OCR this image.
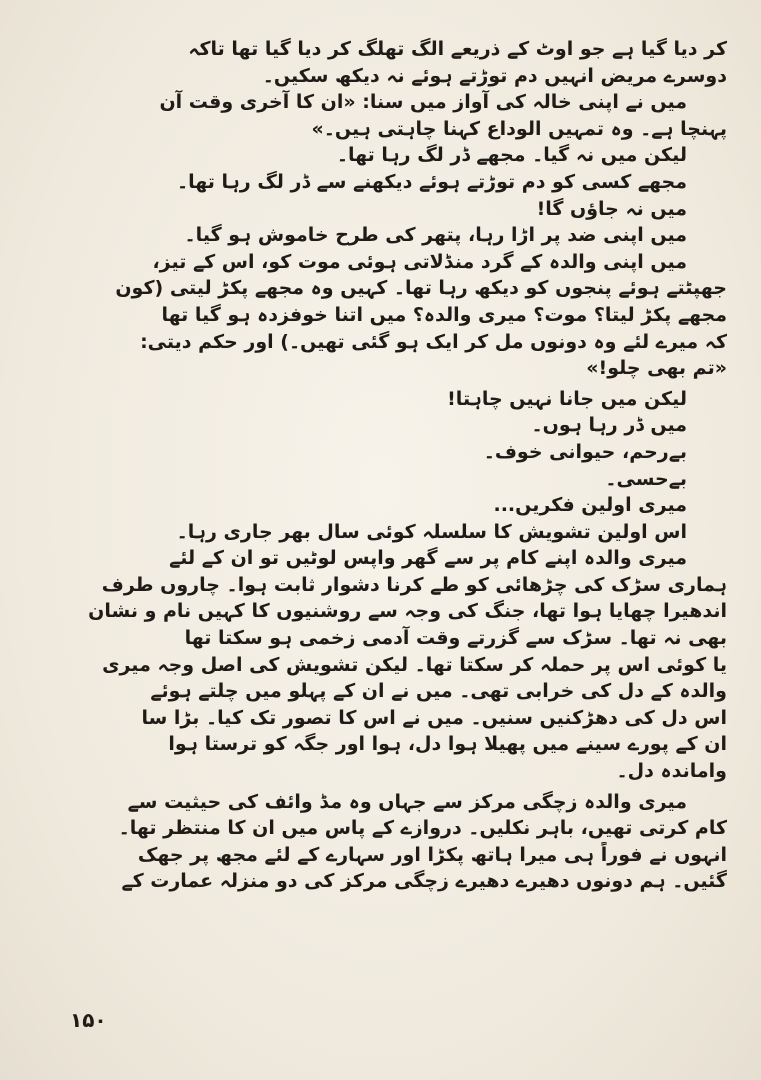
کر دیا گیا ہے جو اوٹ کے ذریعے الگ تھلگ کر دیا گیا تھا تاکہ
دوسرے مریض انہیں دم توڑتے ہوئے نہ دیکھ سکیں۔
میں نے اپنی خالہ کی آواز میں سنا: «ان کا آخری وقت آن
پہنچا ہے۔ وہ تمہیں الوداع کہنا چاہتی ہیں۔»
لیکن میں نہ گیا۔ مجھے ڈر لگ رہا تھا۔
مجھے کسی کو دم توڑتے ہوئے دیکھنے سے ڈر لگ رہا تھا۔
میں نہ جاؤں گا!
میں اپنی ضد پر اڑا رہا، پتھر کی طرح خاموش ہو گیا۔
میں اپنی والدہ کے گرد منڈلاتی ہوئی موت کو، اس کے تیز،
جھپٹتے ہوئے پنجوں کو دیکھ رہا تھا۔ کہیں وہ مجھے پکڑ لیتی (کون
مجھے پکڑ لیتا؟ موت؟ میری والدہ؟ میں اتنا خوفزدہ ہو گیا تھا
کہ میرے لئے وہ دونوں مل کر ایک ہو گئی تھیں۔) اور حکم دیتی:
«تم بھی چلو!»
لیکن میں جانا نہیں چاہتا!
میں ڈر رہا ہوں۔
بےرحم، حیوانی خوف۔
بےحسی۔
میری اولین فکریں...
اس اولین تشویش کا سلسلہ کوئی سال بھر جاری رہا۔
میری والدہ اپنے کام پر سے گھر واپس لوٹیں تو ان کے لئے
ہماری سڑک کی چڑھائی کو طے کرنا دشوار ثابت ہوا۔ چاروں طرف
اندھیرا چھایا ہوا تھا، جنگ کی وجہ سے روشنیوں کا کہیں نام و نشان
بھی نہ تھا۔ سڑک سے گزرتے وقت آدمی زخمی ہو سکتا تھا
یا کوئی اس پر حملہ کر سکتا تھا۔ لیکن تشویش کی اصل وجہ میری
والدہ کے دل کی خرابی تھی۔ میں نے ان کے پہلو میں چلتے ہوئے
اس دل کی دھڑکنیں سنیں۔ میں نے اس کا تصور تک کیا۔ بڑا سا
ان کے پورے سینے میں پھیلا ہوا دل، ہوا اور جگہ کو ترستا ہوا
واماندہ دل۔
میری والدہ زچگی مرکز سے جہاں وہ مڈ وائف کی حیثیت سے
کام کرتی تھیں، باہر نکلیں۔ دروازے کے پاس میں ان کا منتظر تھا۔
انہوں نے فوراً ہی میرا ہاتھ پکڑا اور سہارے کے لئے مجھ پر جھک
گئیں۔ ہم دونوں دھیرے دھیرے زچگی مرکز کی دو منزلہ عمارت کے
۱۵۰
